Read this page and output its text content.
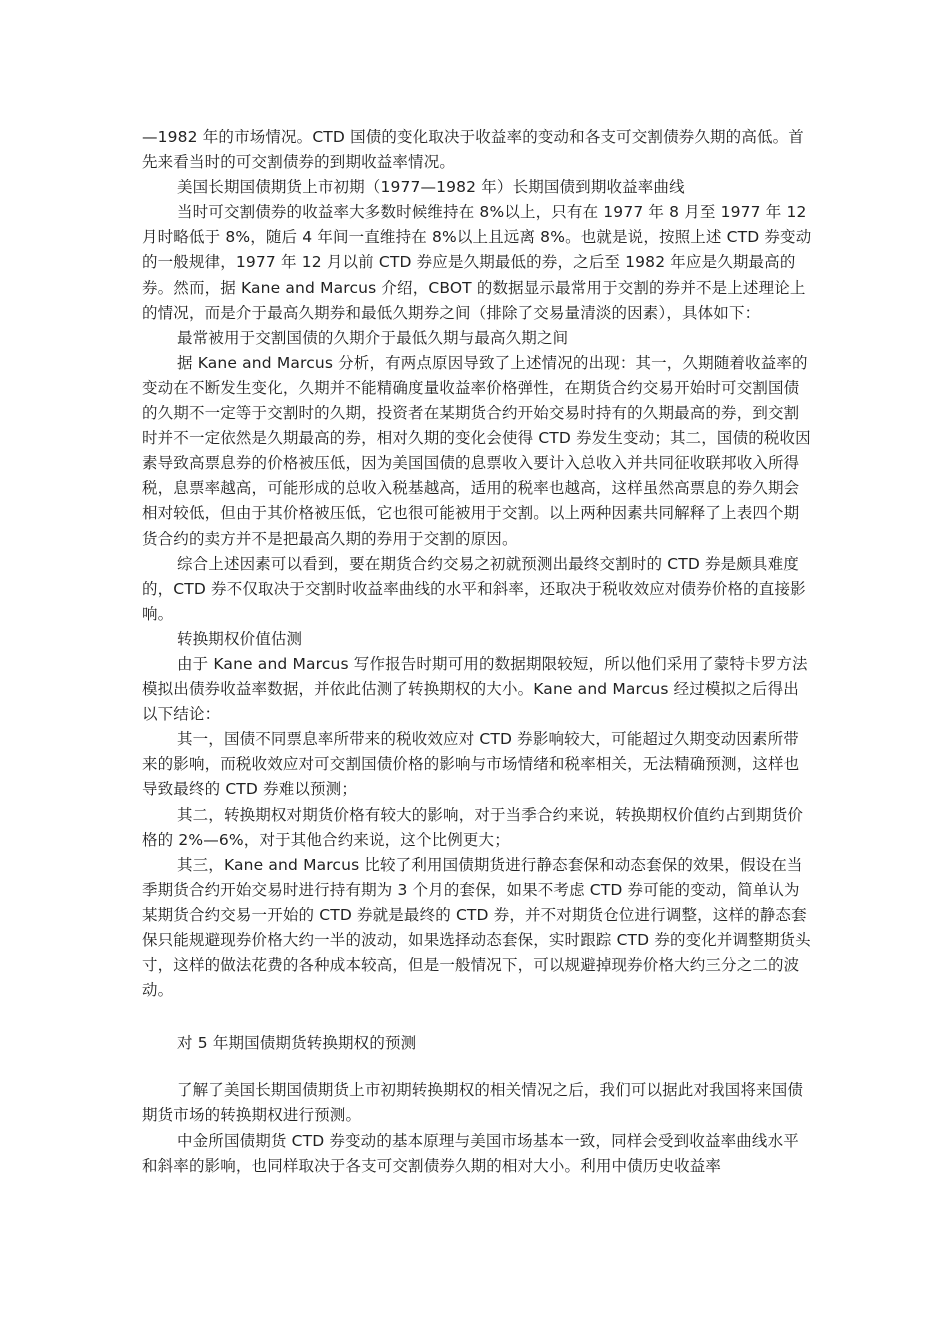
—1982 年的市场情况。CTD 国债的变化取决于收益率的变动和各支可交割债券久期的高低。首先来看当时的可交割债券的到期收益率情况。

美国长期国债期货上市初期（1977—1982 年）长期国债到期收益率曲线

当时可交割债券的收益率大多数时候维持在 8%以上，只有在 1977 年 8 月至 1977 年 12 月时略低于 8%，随后 4 年间一直维持在 8%以上且远离 8%。也就是说，按照上述 CTD 券变动的一般规律，1977 年 12 月以前 CTD 券应是久期最低的券，之后至 1982 年应是久期最高的券。然而，据 Kane and Marcus 介绍，CBOT 的数据显示最常用于交割的券并不是上述理论上的情况，而是介于最高久期券和最低久期券之间（排除了交易量清淡的因素），具体如下：

最常被用于交割国债的久期介于最低久期与最高久期之间

据 Kane and Marcus 分析，有两点原因导致了上述情况的出现：其一，久期随着收益率的变动在不断发生变化，久期并不能精确度量收益率价格弹性，在期货合约交易开始时可交割国债的久期不一定等于交割时的久期，投资者在某期货合约开始交易时持有的久期最高的券，到交割时并不一定依然是久期最高的券，相对久期的变化会使得 CTD 券发生变动；其二，国债的税收因素导致高票息券的价格被压低，因为美国国债的息票收入要计入总收入并共同征收联邦收入所得税，息票率越高，可能形成的总收入税基越高，适用的税率也越高，这样虽然高票息的券久期会相对较低，但由于其价格被压低，它也很可能被用于交割。以上两种因素共同解释了上表四个期货合约的卖方并不是把最高久期的券用于交割的原因。

综合上述因素可以看到，要在期货合约交易之初就预测出最终交割时的 CTD 券是颇具难度的，CTD 券不仅取决于交割时收益率曲线的水平和斜率，还取决于税收效应对债券价格的直接影响。

转换期权价值估测

由于 Kane and Marcus 写作报告时期可用的数据期限较短，所以他们采用了蒙特卡罗方法模拟出债券收益率数据，并依此估测了转换期权的大小。Kane and Marcus 经过模拟之后得出以下结论：

其一，国债不同票息率所带来的税收效应对 CTD 券影响较大，可能超过久期变动因素所带来的影响，而税收效应对可交割国债价格的影响与市场情绪和税率相关，无法精确预测，这样也导致最终的 CTD 券难以预测；

其二，转换期权对期货价格有较大的影响，对于当季合约来说，转换期权价值约占到期货价格的 2%—6%，对于其他合约来说，这个比例更大；

其三，Kane and Marcus 比较了利用国债期货进行静态套保和动态套保的效果，假设在当季期货合约开始交易时进行持有期为 3 个月的套保，如果不考虑 CTD 券可能的变动，简单认为某期货合约交易一开始的 CTD 券就是最终的 CTD 券，并不对期货仓位进行调整，这样的静态套保只能规避现券价格大约一半的波动，如果选择动态套保，实时跟踪 CTD 券的变化并调整期货头寸，这样的做法花费的各种成本较高，但是一般情况下，可以规避掉现券价格大约三分之二的波动。

对 5 年期国债期货转换期权的预测

了解了美国长期国债期货上市初期转换期权的相关情况之后，我们可以据此对我国将来国债期货市场的转换期权进行预测。

中金所国债期货 CTD 券变动的基本原理与美国市场基本一致，同样会受到收益率曲线水平和斜率的影响，也同样取决于各支可交割债券久期的相对大小。利用中债历史收益率
